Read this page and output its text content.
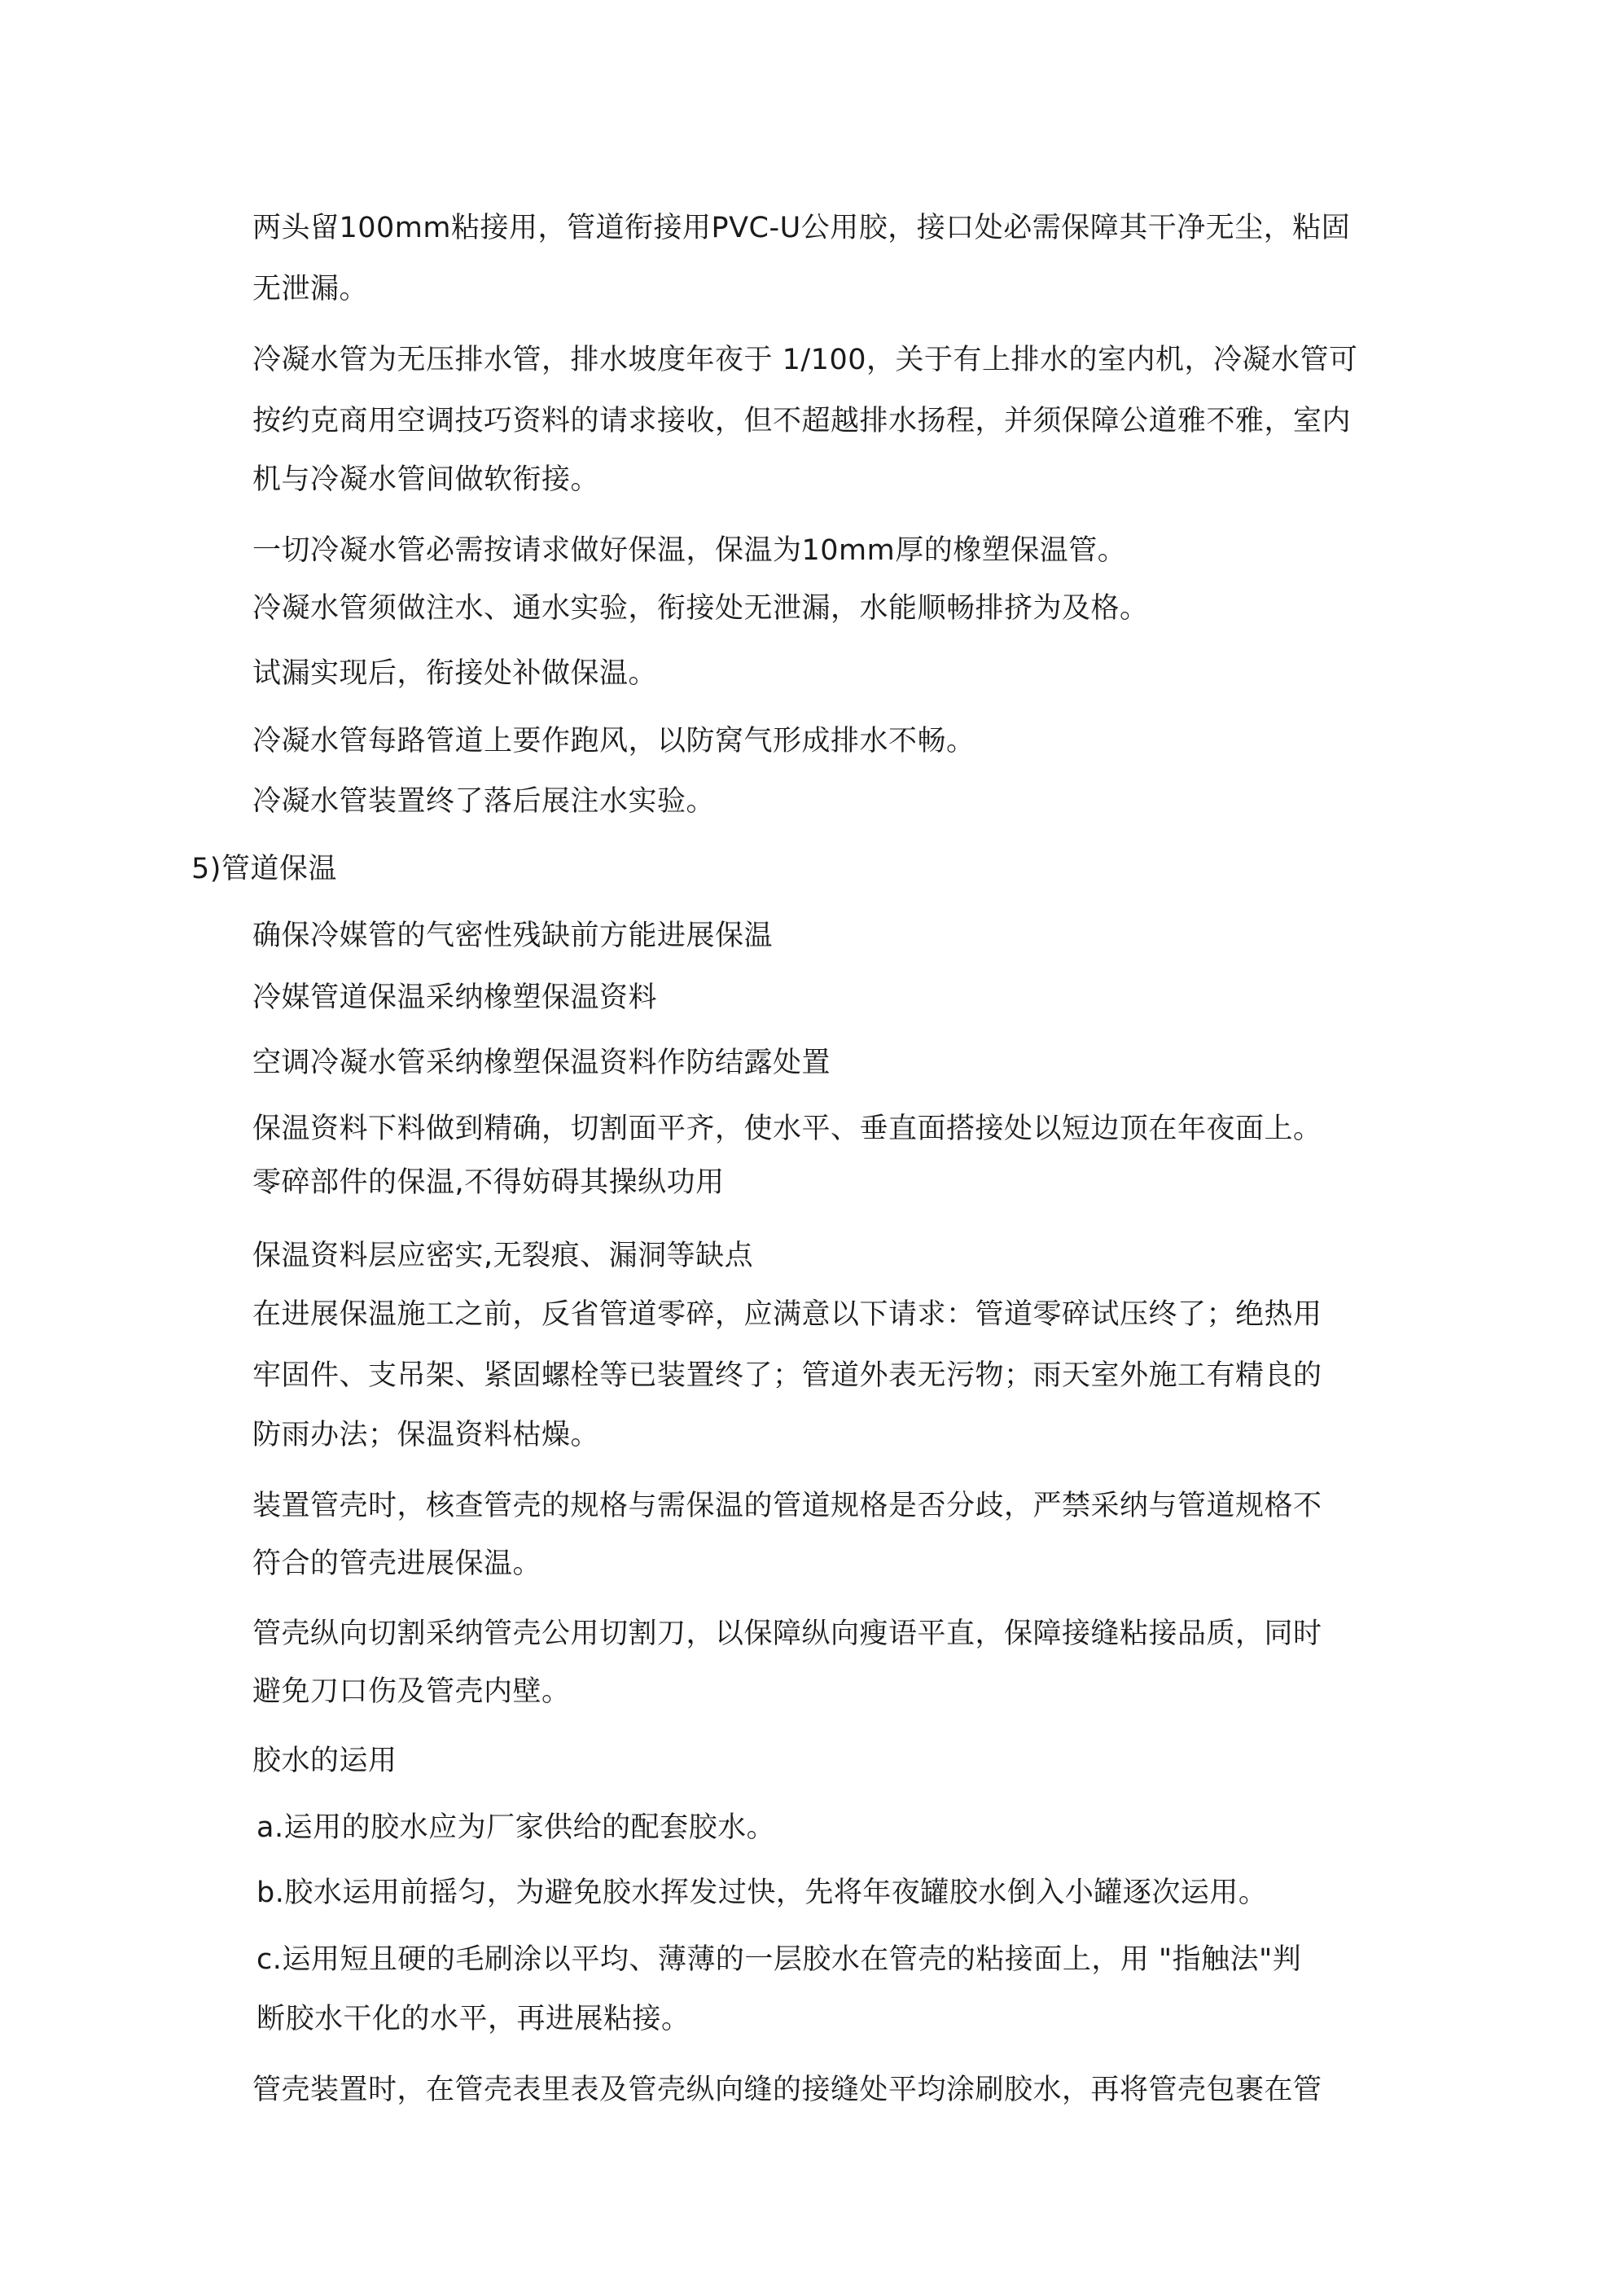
两头留100mm粘接用，管道衔接用PVC-U公用胶，接口处必需保障其干净无尘，粘固
无泄漏。
冷凝水管为无压排水管，排水坡度年夜于 1/100，关于有上排水的室内机，冷凝水管可
按约克商用空调技巧资料的请求接收，但不超越排水扬程，并须保障公道雅不雅，室内
机与冷凝水管间做软衔接。
一切冷凝水管必需按请求做好保温，保温为10mm厚的橡塑保温管。
冷凝水管须做注水、通水实验，衔接处无泄漏，水能顺畅排挤为及格。
试漏实现后，衔接处补做保温。
冷凝水管每路管道上要作跑风，以防窝气形成排水不畅。
冷凝水管装置终了落后展注水实验。
5)管道保温
确保冷媒管的气密性残缺前方能进展保温
冷媒管道保温采纳橡塑保温资料
空调冷凝水管采纳橡塑保温资料作防结露处置
保温资料下料做到精确，切割面平齐，使水平、垂直面搭接处以短边顶在年夜面上。
零碎部件的保温,不得妨碍其操纵功用
保温资料层应密实,无裂痕、漏洞等缺点
在进展保温施工之前，反省管道零碎，应满意以下请求：管道零碎试压终了；绝热用
牢固件、支吊架、紧固螺栓等已装置终了；管道外表无污物；雨天室外施工有精良的
防雨办法；保温资料枯燥。
装置管壳时，核查管壳的规格与需保温的管道规格是否分歧，严禁采纳与管道规格不
符合的管壳进展保温。
管壳纵向切割采纳管壳公用切割刀，以保障纵向瘦语平直，保障接缝粘接品质，同时
避免刀口伤及管壳内壁。
胶水的运用
a.运用的胶水应为厂家供给的配套胶水。
b.胶水运用前摇匀，为避免胶水挥发过快，先将年夜罐胶水倒入小罐逐次运用。
c.运用短且硬的毛刷涂以平均、薄薄的一层胶水在管壳的粘接面上，用 "指触法"判
断胶水干化的水平，再进展粘接。
管壳装置时，在管壳表里表及管壳纵向缝的接缝处平均涂刷胶水，再将管壳包裹在管
